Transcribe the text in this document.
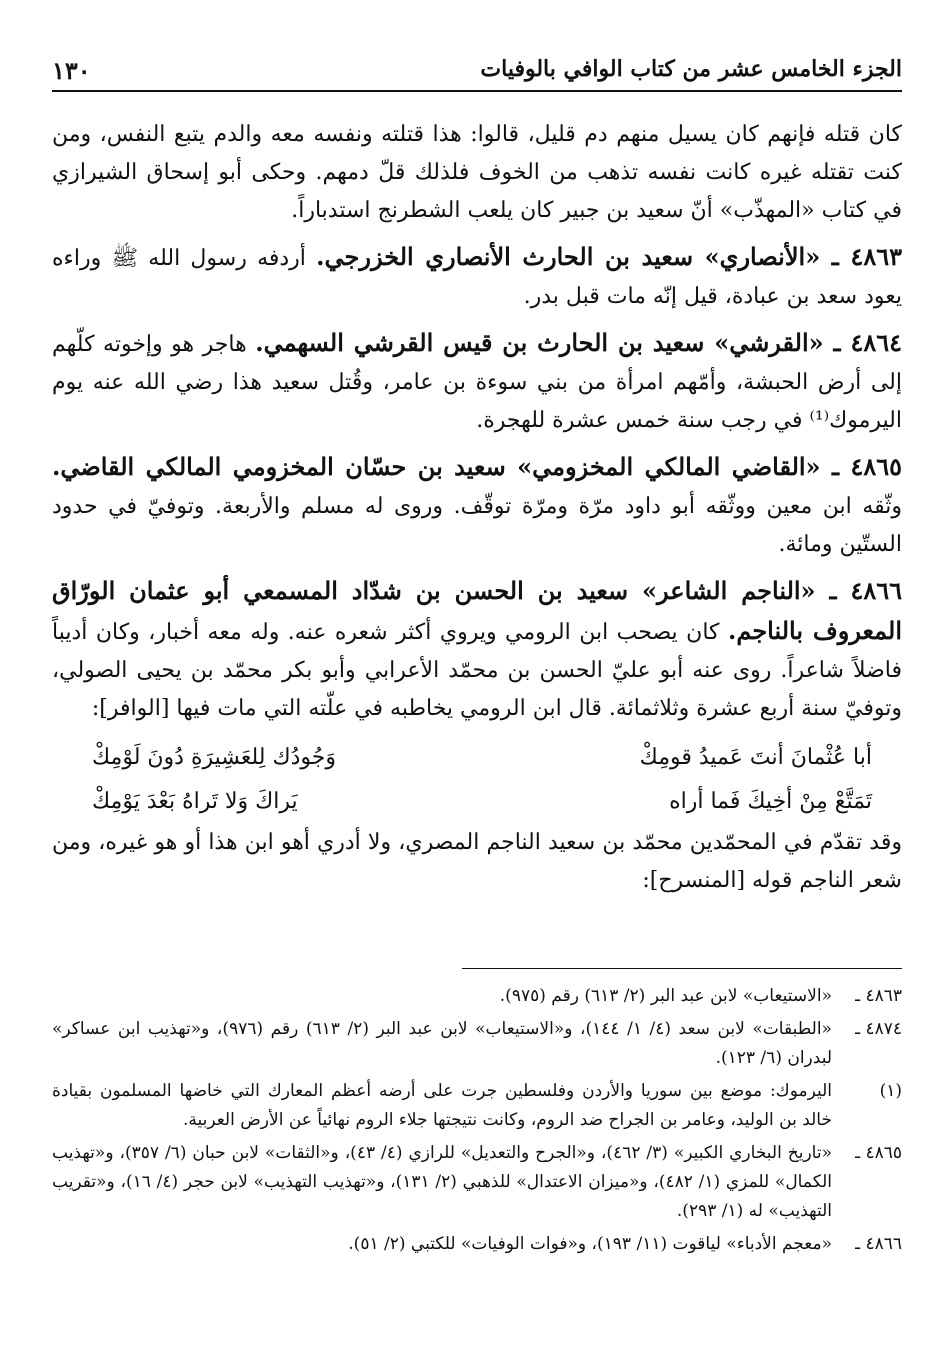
الجزء الخامس عشر من كتاب الوافي بالوفيات
١٣٠

كان قتله فإنهم كان يسيل منهم دم قليل، قالوا: هذا قتلته ونفسه معه والدم يتبع النفس، ومن كنت تقتله غيره كانت نفسه تذهب من الخوف فلذلك قلّ دمهم. وحكى أبو إسحاق الشيرازي في كتاب «المهذّب» أنّ سعيد بن جبير كان يلعب الشطرنج استدباراً.

٤٨٦٣ ـ «الأنصاري» سعيد بن الحارث الأنصاري الخزرجي. أردفه رسول الله ﷺ وراءه يعود سعد بن عبادة، قيل إنّه مات قبل بدر.

٤٨٦٤ ـ «القرشي» سعيد بن الحارث بن قيس القرشي السهمي. هاجر هو وإخوته كلّهم إلى أرض الحبشة، وأمّهم امرأة من بني سوءة بن عامر، وقُتل سعيد هذا رضي الله عنه يوم اليرموك⁽¹⁾ في رجب سنة خمس عشرة للهجرة.

٤٨٦٥ ـ «القاضي المالكي المخزومي» سعيد بن حسّان المخزومي المالكي القاضي. وثّقه ابن معين ووثّقه أبو داود مرّة ومرّة توقّف. وروى له مسلم والأربعة. وتوفيّ في حدود الستّين ومائة.

٤٨٦٦ ـ «الناجم الشاعر» سعيد بن الحسن بن شدّاد المسمعي أبو عثمان الورّاق المعروف بالناجم. كان يصحب ابن الرومي ويروي أكثر شعره عنه. وله معه أخبار، وكان أديباً فاضلاً شاعراً. روى عنه أبو عليّ الحسن بن محمّد الأعرابي وأبو بكر محمّد بن يحيى الصولي، وتوفيّ سنة أربع عشرة وثلاثمائة. قال ابن الرومي يخاطبه في علّته التي مات فيها [الوافر]:

أبا عُثْمانَ أنتَ عَميدُ قومِكْ
وَجُودُك لِلعَشِيرَةِ دُونَ لَوْمِكْ
تَمَتَّعْ مِنْ أخِيكَ فَما أراه
يَراكَ وَلا تَراهُ بَعْدَ يَوْمِكْ

وقد تقدّم في المحمّدين محمّد بن سعيد الناجم المصري، ولا أدري أهو ابن هذا أو هو غيره، ومن شعر الناجم قوله [المنسرح]:

٤٨٦٣ ـ
«الاستيعاب» لابن عبد البر (٢/ ٦١٣) رقم (٩٧٥).
٤٨٧٤ ـ
«الطبقات» لابن سعد (٤/ ١/ ١٤٤)، و«الاستيعاب» لابن عبد البر (٢/ ٦١٣) رقم (٩٧٦)، و«تهذيب ابن عساكر» لبدران (٦/ ١٢٣).
(١)
اليرموك: موضع بين سوريا والأردن وفلسطين جرت على أرضه أعظم المعارك التي خاضها المسلمون بقيادة خالد بن الوليد، وعامر بن الجراح ضد الروم، وكانت نتيجتها جلاء الروم نهائياً عن الأرض العربية.
٤٨٦٥ ـ
«تاريخ البخاري الكبير» (٣/ ٤٦٢)، و«الجرح والتعديل» للرازي (٤/ ٤٣)، و«الثقات» لابن حبان (٦/ ٣٥٧)، و«تهذيب الكمال» للمزي (١/ ٤٨٢)، و«ميزان الاعتدال» للذهبي (٢/ ١٣١)، و«تهذيب التهذيب» لابن حجر (٤/ ١٦)، و«تقريب التهذيب» له (١/ ٢٩٣).
٤٨٦٦ ـ
«معجم الأدباء» لياقوت (١١/ ١٩٣)، و«فوات الوفيات» للكتبي (٢/ ٥١).
